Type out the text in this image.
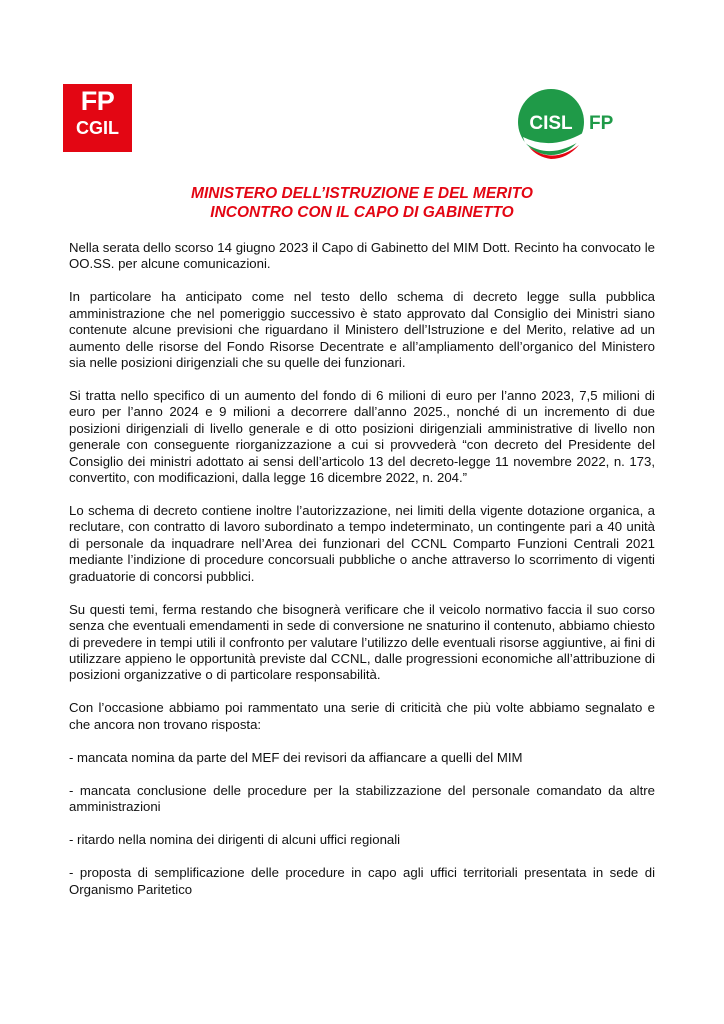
FP
CGIL	CISL FP
MINISTERO DELL’ISTRUZIONE E DEL MERITO
INCONTRO CON IL CAPO DI GABINETTO

Nella serata dello scorso 14 giugno 2023 il Capo di Gabinetto del MIM Dott. Recinto ha convocato le OO.SS. per alcune comunicazioni.

In particolare ha anticipato come nel testo dello schema di decreto legge sulla pubblica amministrazione che nel pomeriggio successivo è stato approvato dal Consiglio dei Ministri siano contenute alcune previsioni che riguardano il Ministero dell’Istruzione e del Merito, relative ad un aumento delle risorse del Fondo Risorse Decentrate e all’ampliamento dell’organico del Ministero sia nelle posizioni dirigenziali che su quelle dei funzionari.

Si tratta nello specifico di un aumento del fondo di 6 milioni di euro per l’anno 2023, 7,5 milioni di euro per l’anno 2024 e 9 milioni a decorrere dall’anno 2025., nonché di un incremento di due posizioni dirigenziali di livello generale e di otto posizioni dirigenziali amministrative di livello non generale con conseguente riorganizzazione a cui si provvederà “con decreto del Presidente del Consiglio dei ministri adottato ai sensi dell’articolo 13 del decreto-legge 11 novembre 2022, n. 173, convertito, con modificazioni, dalla legge 16 dicembre 2022, n. 204.”

Lo schema di decreto contiene inoltre l’autorizzazione, nei limiti della vigente dotazione organica, a reclutare, con contratto di lavoro subordinato a tempo indeterminato, un contingente pari a 40 unità di personale da inquadrare nell’Area dei funzionari del CCNL Comparto Funzioni Centrali 2021 mediante l’indizione di procedure concorsuali pubbliche o anche attraverso lo scorrimento di vigenti graduatorie di concorsi pubblici.

Su questi temi, ferma restando che bisognerà verificare che il veicolo normativo faccia il suo corso senza che eventuali emendamenti in sede di conversione ne snaturino il contenuto, abbiamo chiesto di prevedere in tempi utili il confronto per valutare l’utilizzo delle eventuali risorse aggiuntive, ai fini di utilizzare appieno le opportunità previste dal CCNL, dalle progressioni economiche all’attribuzione di posizioni organizzative o di particolare responsabilità.

Con l’occasione abbiamo poi rammentato una serie di criticità che più volte abbiamo segnalato e che ancora non trovano risposta:

- mancata nomina da parte del MEF dei revisori da affiancare a quelli del MIM

- mancata conclusione delle procedure per la stabilizzazione del personale comandato da altre amministrazioni

- ritardo nella nomina dei dirigenti di alcuni uffici regionali

- proposta di semplificazione delle procedure in capo agli uffici territoriali presentata in sede di Organismo Paritetico
